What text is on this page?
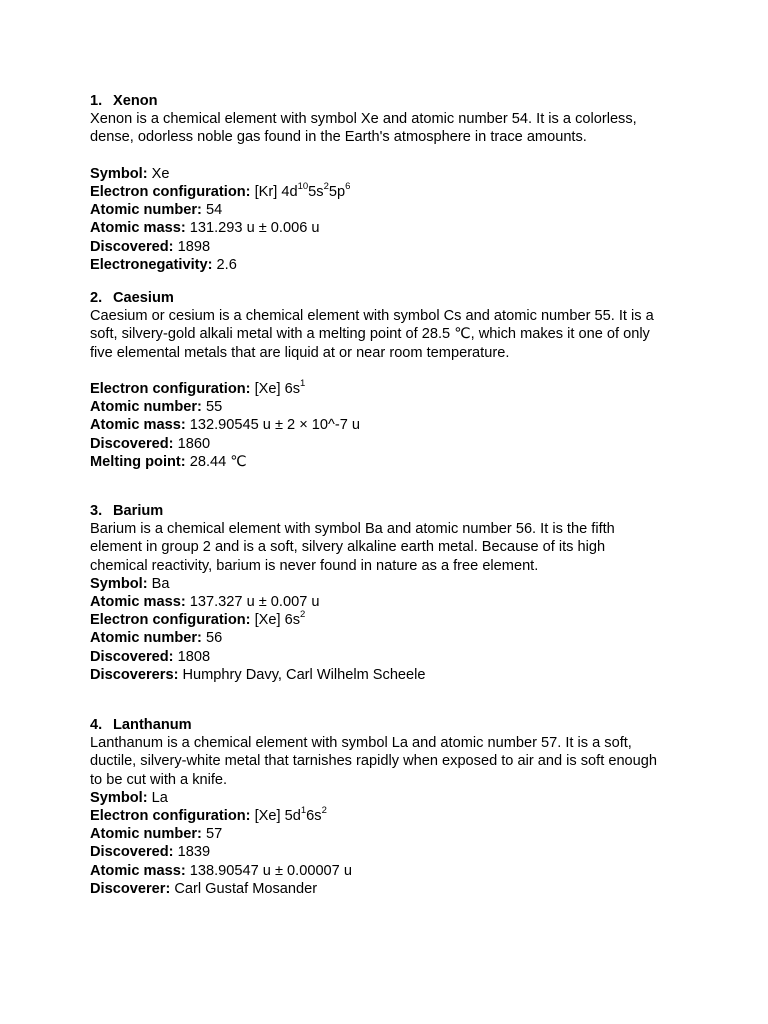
1. Xenon

Xenon is a chemical element with symbol Xe and atomic number 54. It is a colorless,
dense, odorless noble gas found in the Earth's atmosphere in trace amounts.

Symbol: Xe

Electron configuration: [Kr] $4d^{10}5s^25p^6$

Atomic number: 54

Atomic mass: 131.293 u ± 0.006 u

Discovered: 1898

Electronegativity: 2.6

2. Caesium

Caesium or cesium is a chemical element with symbol Cs and atomic number 55. It is a
soft, silvery-gold alkali metal with a melting point of 28.5 ℃, which makes it one of only
five elemental metals that are liquid at or near room temperature.

Electron configuration: [Xe] $6s^1$

Atomic number: 55

Atomic mass: 132.90545 u ± 2 × 10^-7 u

Discovered: 1860

Melting point: 28.44 ℃

3. Barium

Barium is a chemical element with symbol Ba and atomic number 56. It is the fifth
element in group 2 and is a soft, silvery alkaline earth metal. Because of its high
chemical reactivity, barium is never found in nature as a free element.

Symbol: Ba

Atomic mass: 137.327 u ± 0.007 u

Electron configuration: [Xe] $6s^2$

Atomic number: 56

Discovered: 1808

Discoverers: Humphry Davy, Carl Wilhelm Scheele

4. Lanthanum

Lanthanum is a chemical element with symbol La and atomic number 57. It is a soft,
ductile, silvery-white metal that tarnishes rapidly when exposed to air and is soft enough
to be cut with a knife.

Symbol: La

Electron configuration: [Xe] $5d^16s^2$

Atomic number: 57

Discovered: 1839

Atomic mass: 138.90547 u ± 0.00007 u

Discoverer: Carl Gustaf Mosander
